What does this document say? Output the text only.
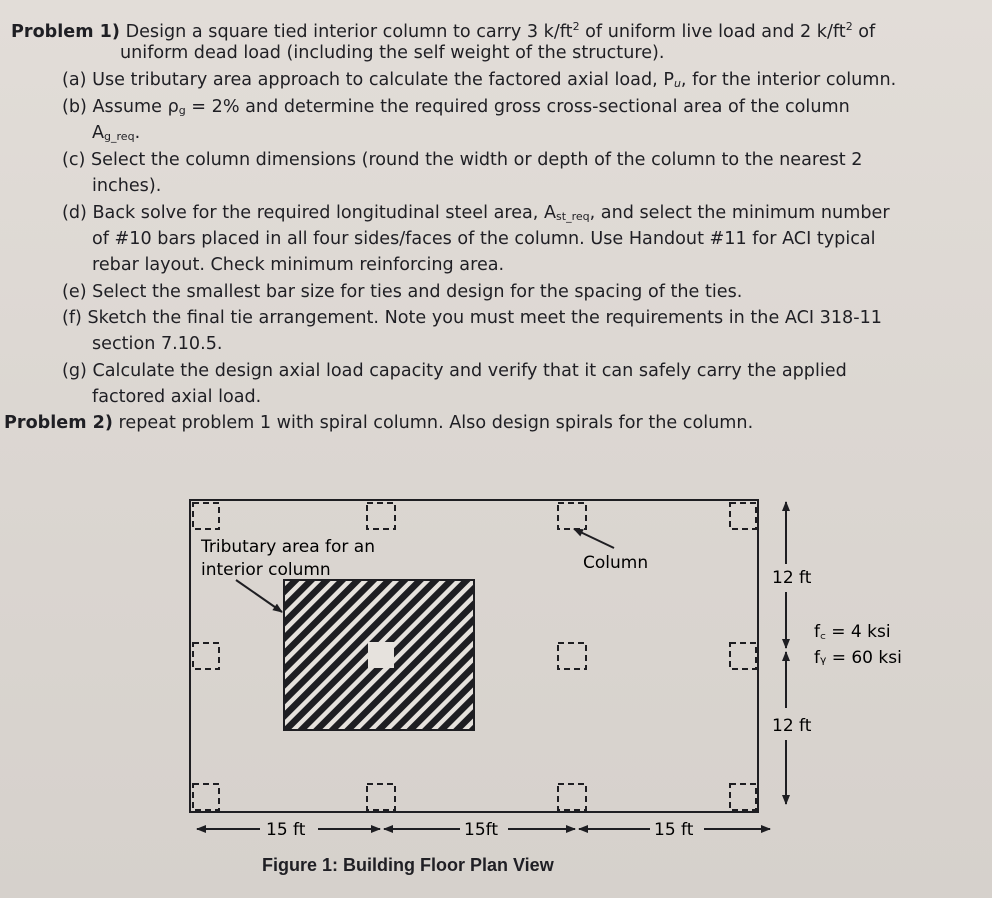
Problem 1) Design a square tied interior column to carry 3 $k/ft^2$ of uniform live load and 2 $k/ft^2$ of
uniform dead load (including the self weight of the structure).
(a) Use tributary area approach to calculate the factored axial load, Pu, for the interior column.
(b) Assume ρg = 2% and determine the required gross cross-sectional area of the column
Ag_req.
(c) Select the column dimensions (round the width or depth of the column to the nearest 2
inches).
(d) Back solve for the required longitudinal steel area, Ast_req, and select the minimum number
of #10 bars placed in all four sides/faces of the column. Use Handout #11 for ACI typical
rebar layout. Check minimum reinforcing area.
(e) Select the smallest bar size for ties and design for the spacing of the ties.
(f) Sketch the final tie arrangement. Note you must meet the requirements in the ACI 318-11
section 7.10.5.
(g) Calculate the design axial load capacity and verify that it can safely carry the applied
factored axial load.
Problem 2) repeat problem 1 with spiral column. Also design spirals for the column.
Tributary area for an
interior column	Column
12 ft
12 ft
f꜀ = 4 ksi
fᵧ = 60 ksi
15 ft	15ft	15 ft
Figure 1: Building Floor Plan View
